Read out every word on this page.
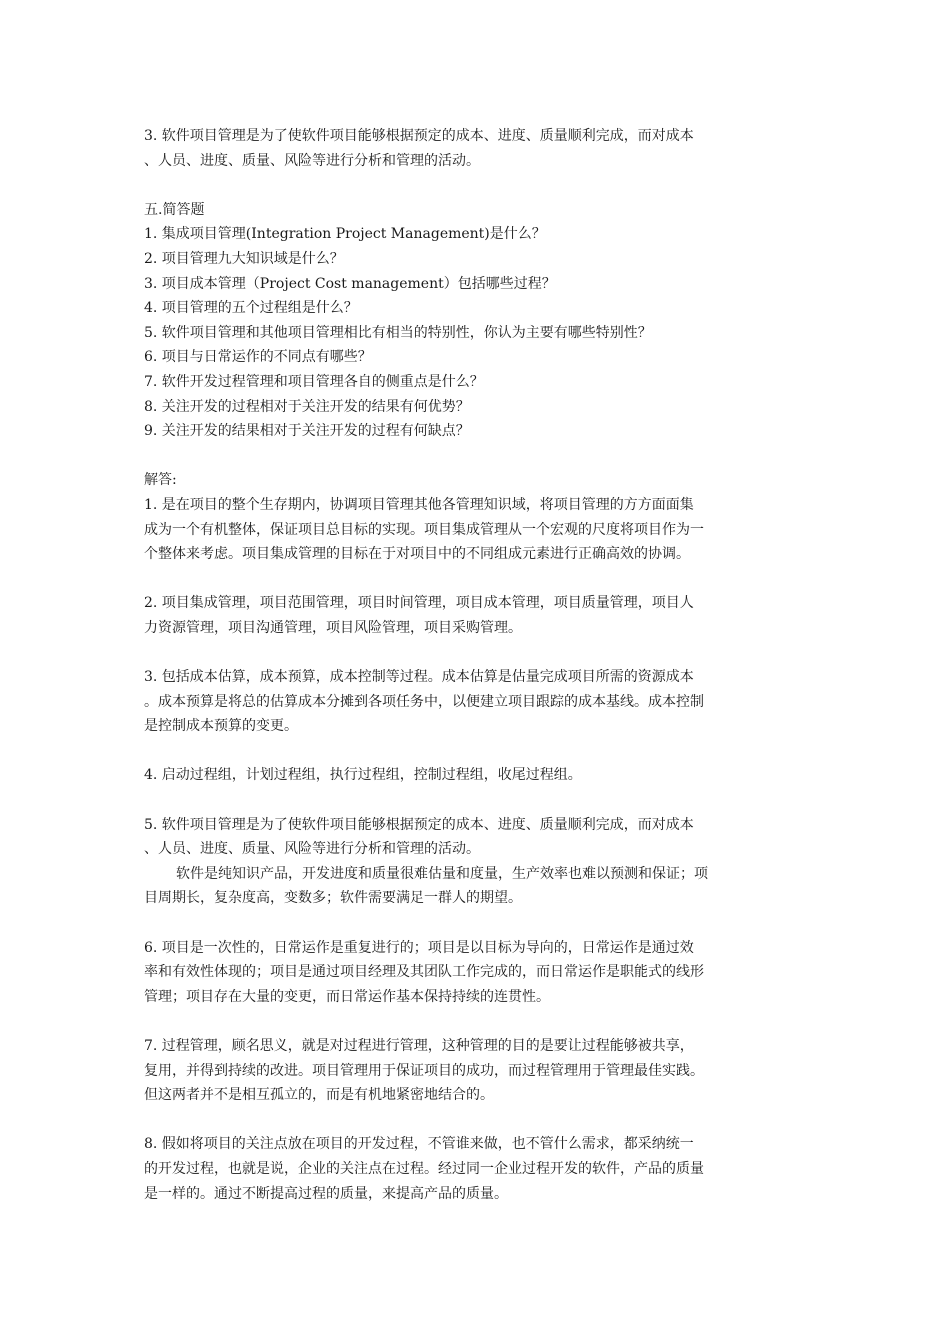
3. 软件项目管理是为了使软件项目能够根据预定的成本、进度、质量顺利完成，而对成本
、人员、进度、质量、风险等进行分析和管理的活动。
五.简答题
1. 集成项目管理(Integration Project Management)是什么？
2. 项目管理九大知识域是什么？
3. 项目成本管理（Project Cost management）包括哪些过程？
4. 项目管理的五个过程组是什么？
5. 软件项目管理和其他项目管理相比有相当的特别性，你认为主要有哪些特别性？
6. 项目与日常运作的不同点有哪些？
7. 软件开发过程管理和项目管理各自的侧重点是什么？
8. 关注开发的过程相对于关注开发的结果有何优势？
9. 关注开发的结果相对于关注开发的过程有何缺点？
解答:
1. 是在项目的整个生存期内，协调项目管理其他各管理知识域，将项目管理的方方面面集
成为一个有机整体，保证项目总目标的实现。项目集成管理从一个宏观的尺度将项目作为一
个整体来考虑。项目集成管理的目标在于对项目中的不同组成元素进行正确高效的协调。
2. 项目集成管理，项目范围管理，项目时间管理，项目成本管理，项目质量管理，项目人
力资源管理，项目沟通管理，项目风险管理，项目采购管理。
3. 包括成本估算，成本预算，成本控制等过程。成本估算是估量完成项目所需的资源成本
。成本预算是将总的估算成本分摊到各项任务中，以便建立项目跟踪的成本基线。成本控制
是控制成本预算的变更。
4. 启动过程组，计划过程组，执行过程组，控制过程组，收尾过程组。
5. 软件项目管理是为了使软件项目能够根据预定的成本、进度、质量顺利完成，而对成本
、人员、进度、质量、风险等进行分析和管理的活动。
软件是纯知识产品，开发进度和质量很难估量和度量，生产效率也难以预测和保证；项
目周期长，复杂度高，变数多；软件需要满足一群人的期望。
6. 项目是一次性的，日常运作是重复进行的；项目是以目标为导向的，日常运作是通过效
率和有效性体现的；项目是通过项目经理及其团队工作完成的，而日常运作是职能式的线形
管理；项目存在大量的变更，而日常运作基本保持持续的连贯性。
7. 过程管理，顾名思义，就是对过程进行管理，这种管理的目的是要让过程能够被共享，
复用，并得到持续的改进。项目管理用于保证项目的成功，而过程管理用于管理最佳实践。
但这两者并不是相互孤立的，而是有机地紧密地结合的。
8. 假如将项目的关注点放在项目的开发过程，不管谁来做，也不管什么需求，都采纳统一
的开发过程，也就是说，企业的关注点在过程。经过同一企业过程开发的软件，产品的质量
是一样的。通过不断提高过程的质量，来提高产品的质量。
